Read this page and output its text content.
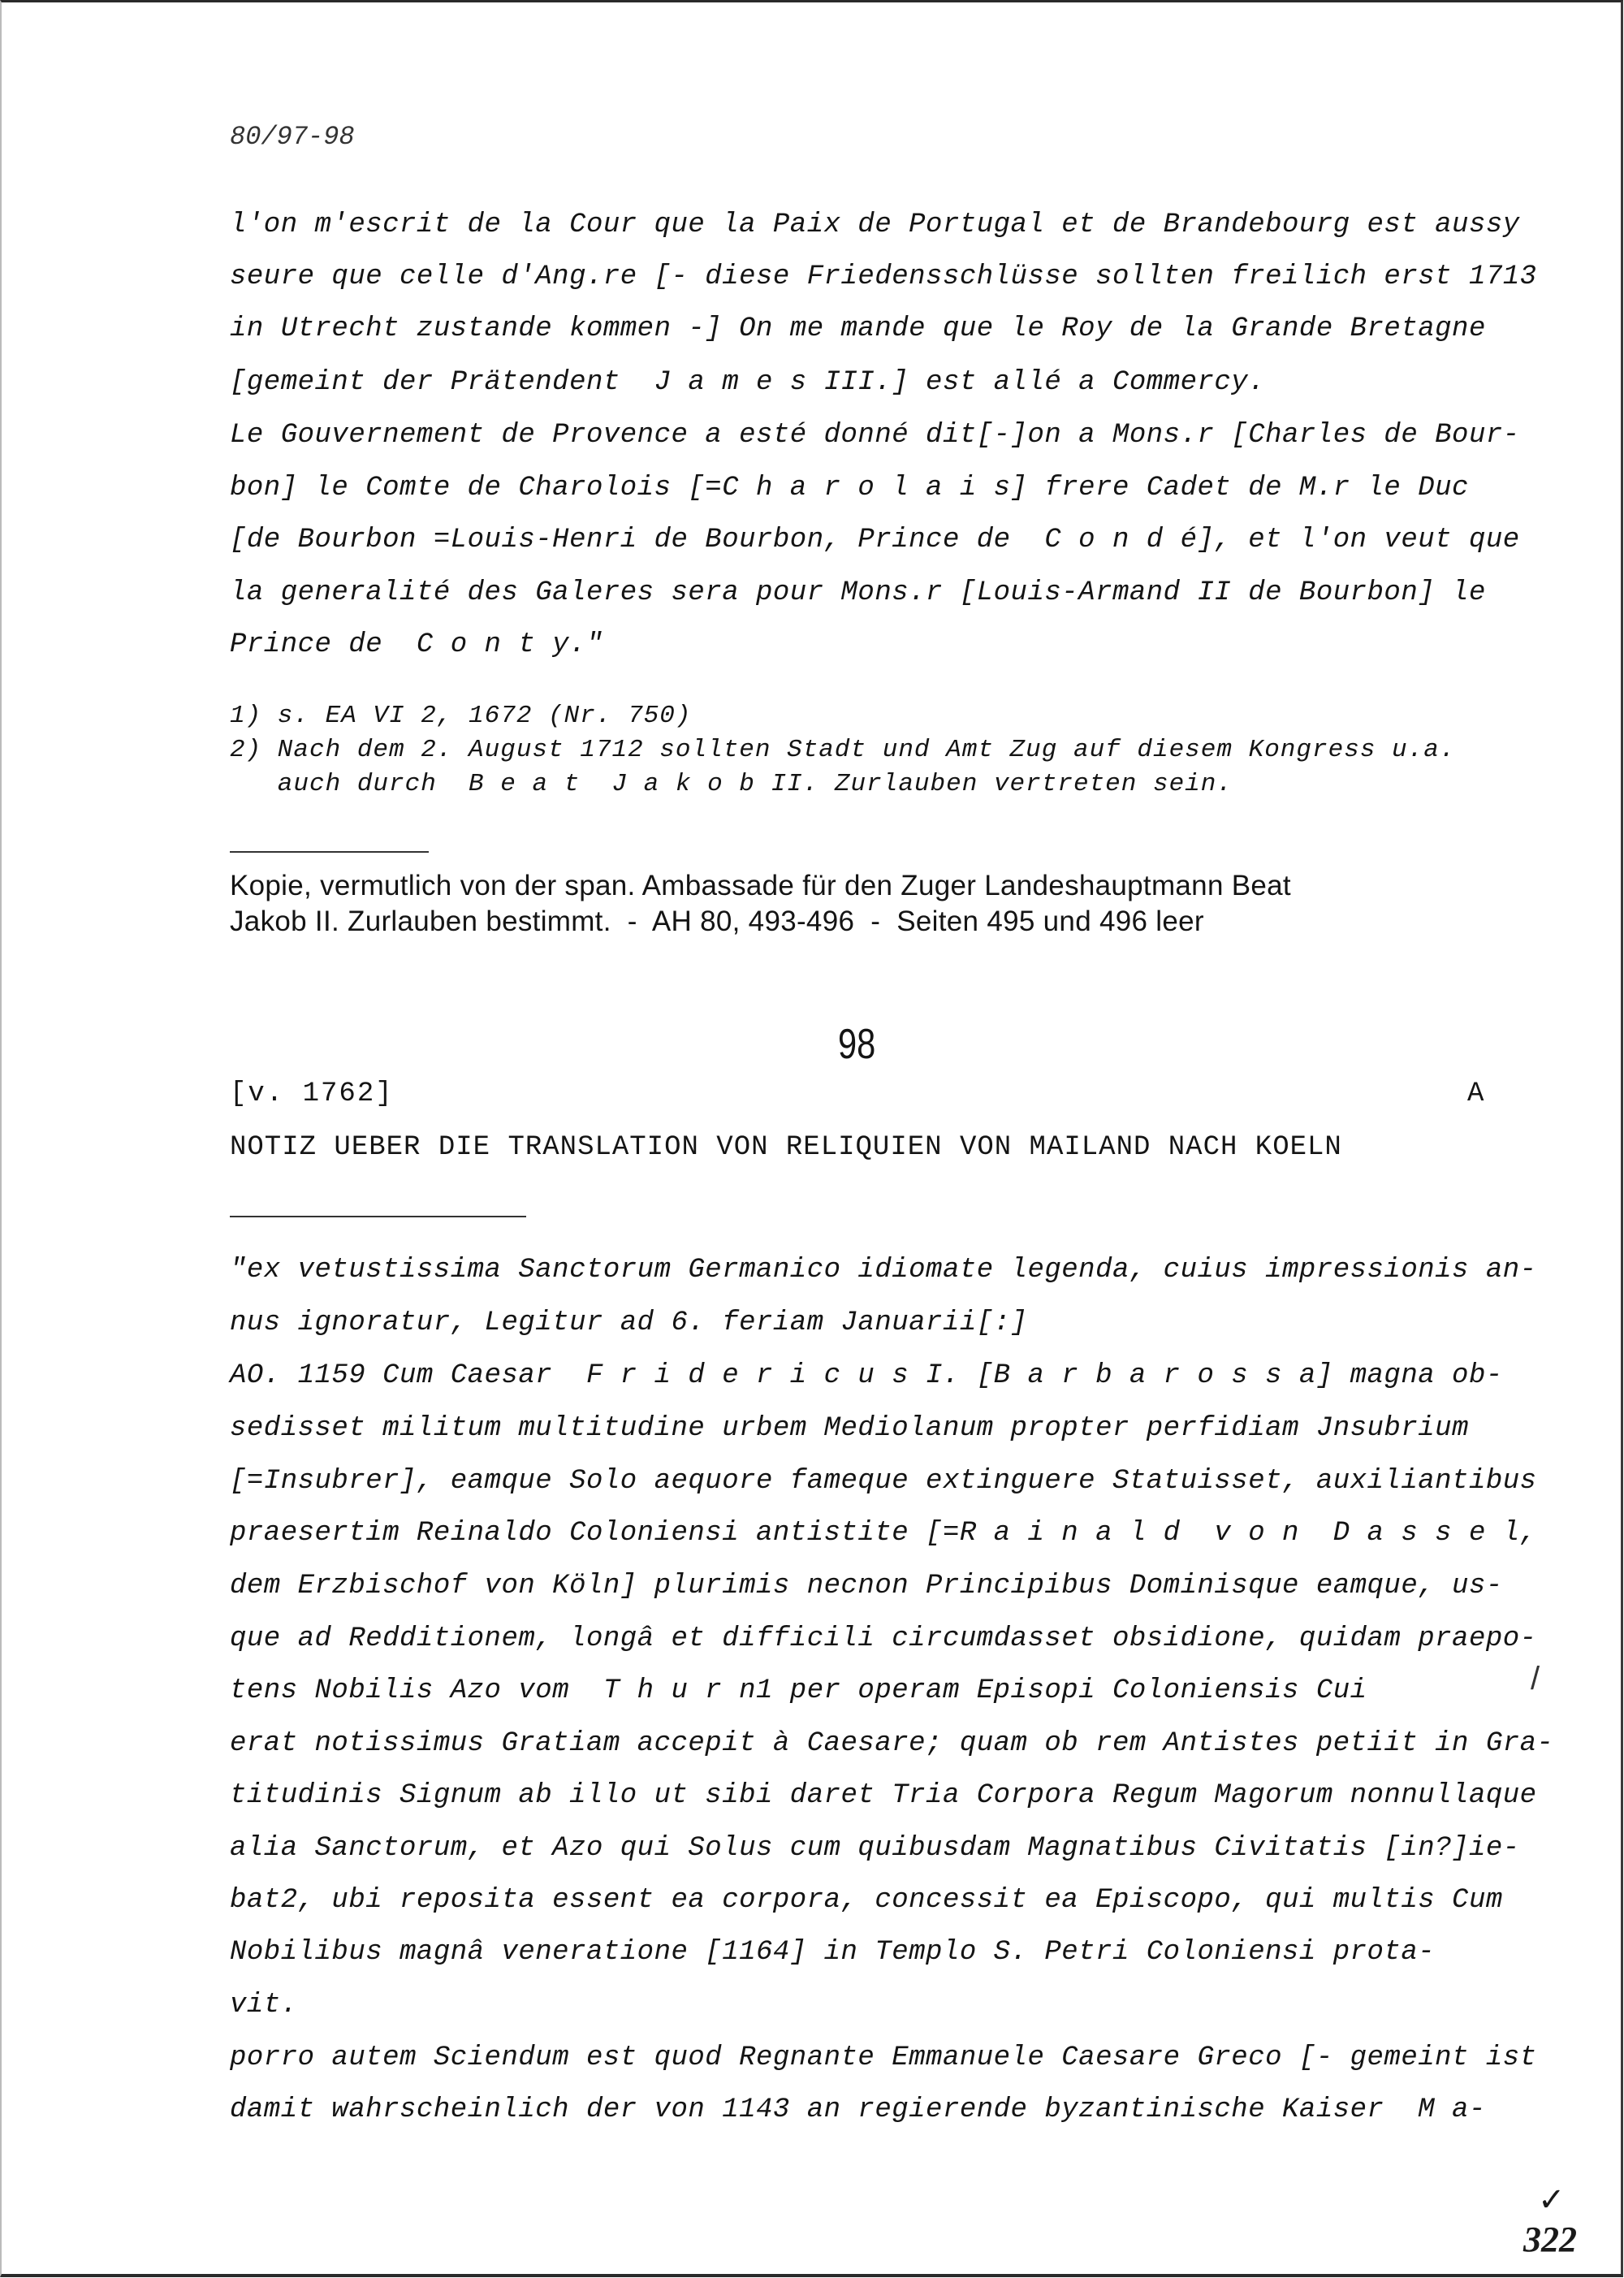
80/97-98
l'on m'escrit de la Cour que la Paix de Portugal et de Brandebourg est aussy
seure que celle d'Ang.re [- diese Friedensschlüsse sollten freilich erst 1713
in Utrecht zustande kommen -] On me mande que le Roy de la Grande Bretagne
[gemeint der Prätendent  J a m e s III.] est allé a Commercy.
Le Gouvernement de Provence a esté donné dit[-]on a Mons.r [Charles de Bour-
bon] le Comte de Charolois [=C h a r o l a i s] frere Cadet de M.r le Duc
[de Bourbon =Louis-Henri de Bourbon, Prince de  C o n d é], et l'on veut que
la generalité des Galeres sera pour Mons.r [Louis-Armand II de Bourbon] le
Prince de  C o n t y."
1) s. EA VI 2, 1672 (Nr. 750)
2) Nach dem 2. August 1712 sollten Stadt und Amt Zug auf diesem Kongress u.a.
auch durch  B e a t  J a k o b II. Zurlauben vertreten sein.
Kopie, vermutlich von der span. Ambassade für den Zuger Landeshauptmann Beat
Jakob II. Zurlauben bestimmt.  -  AH 80, 493-496  -  Seiten 495 und 496 leer
98
[v. 1762]	A
NOTIZ UEBER DIE TRANSLATION VON RELIQUIEN VON MAILAND NACH KOELN
"ex vetustissima Sanctorum Germanico idiomate legenda, cuius impressionis an-
nus ignoratur, Legitur ad 6. feriam Januarii[:]
AO. 1159 Cum Caesar  F r i d e r i c u s I. [B a r b a r o s s a] magna ob-
sedisset militum multitudine urbem Mediolanum propter perfidiam Jnsubrium
[=Insubrer], eamque Solo aequore fameque extinguere Statuisset, auxiliantibus
praesertim Reinaldo Coloniensi antistite [=R a i n a l d  v o n  D a s s e l,
dem Erzbischof von Köln] plurimis necnon Principibus Dominisque eamque, us-
que ad Redditionem, longâ et difficili circumdasset obsidione, quidam praepo-
tens Nobilis Azo vom  T h u r n1 per operam Episopi Coloniensis Cui
erat notissimus Gratiam accepit à Caesare; quam ob rem Antistes petiit in Gra-
titudinis Signum ab illo ut sibi daret Tria Corpora Regum Magorum nonnullaque
alia Sanctorum, et Azo qui Solus cum quibusdam Magnatibus Civitatis [in?]ie-
bat2, ubi reposita essent ea corpora, concessit ea Episcopo, qui multis Cum
Nobilibus magnâ veneratione [1164] in Templo S. Petri Coloniensi prota-
vit.
porro autem Sciendum est quod Regnante Emmanuele Caesare Greco [- gemeint ist
damit wahrscheinlich der von 1143 an regierende byzantinische Kaiser  M a-
/
✓
322
